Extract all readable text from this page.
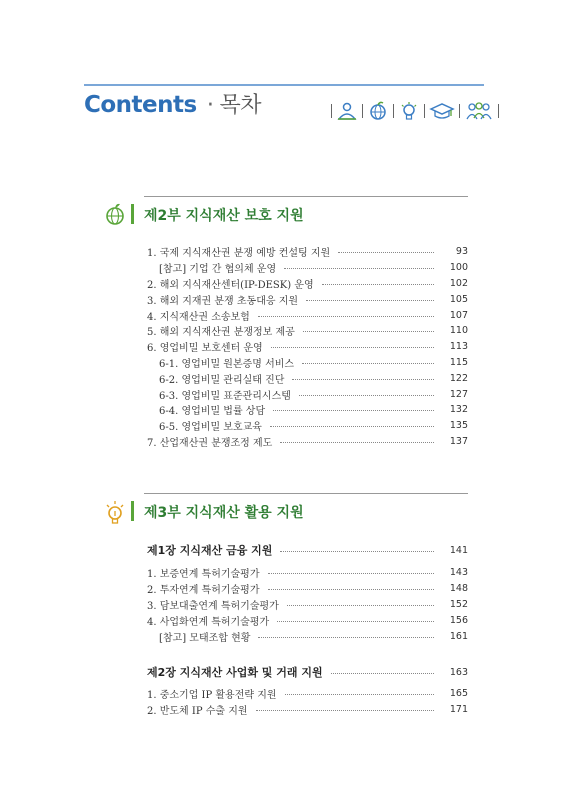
Contents · 목차
제2부 지식재산 보호 지원
1. 국제 지식재산권 분쟁 예방 컨설팅 지원	93
[참고] 기업 간 협의체 운영	100
2. 해외 지식재산센터(IP-DESK) 운영	102
3. 해외 지재권 분쟁 초동대응 지원	105
4. 지식재산권 소송보험	107
5. 해외 지식재산권 분쟁정보 제공	110
6. 영업비밀 보호센터 운영	113
6-1. 영업비밀 원본증명 서비스	115
6-2. 영업비밀 관리실태 진단	122
6-3. 영업비밀 표준관리시스템	127
6-4. 영업비밀 법률 상담	132
6-5. 영업비밀 보호교육	135
7. 산업재산권 분쟁조정 제도	137
제3부 지식재산 활용 지원
제1장 지식재산 금융 지원	141
1. 보증연계 특허기술평가	143
2. 투자연계 특허기술평가	148
3. 담보대출연계 특허기술평가	152
4. 사업화연계 특허기술평가	156
[참고] 모태조합 현황	161
제2장 지식재산 사업화 및 거래 지원	163
1. 중소기업 IP 활용전략 지원	165
2. 반도체 IP 수출 지원	171
